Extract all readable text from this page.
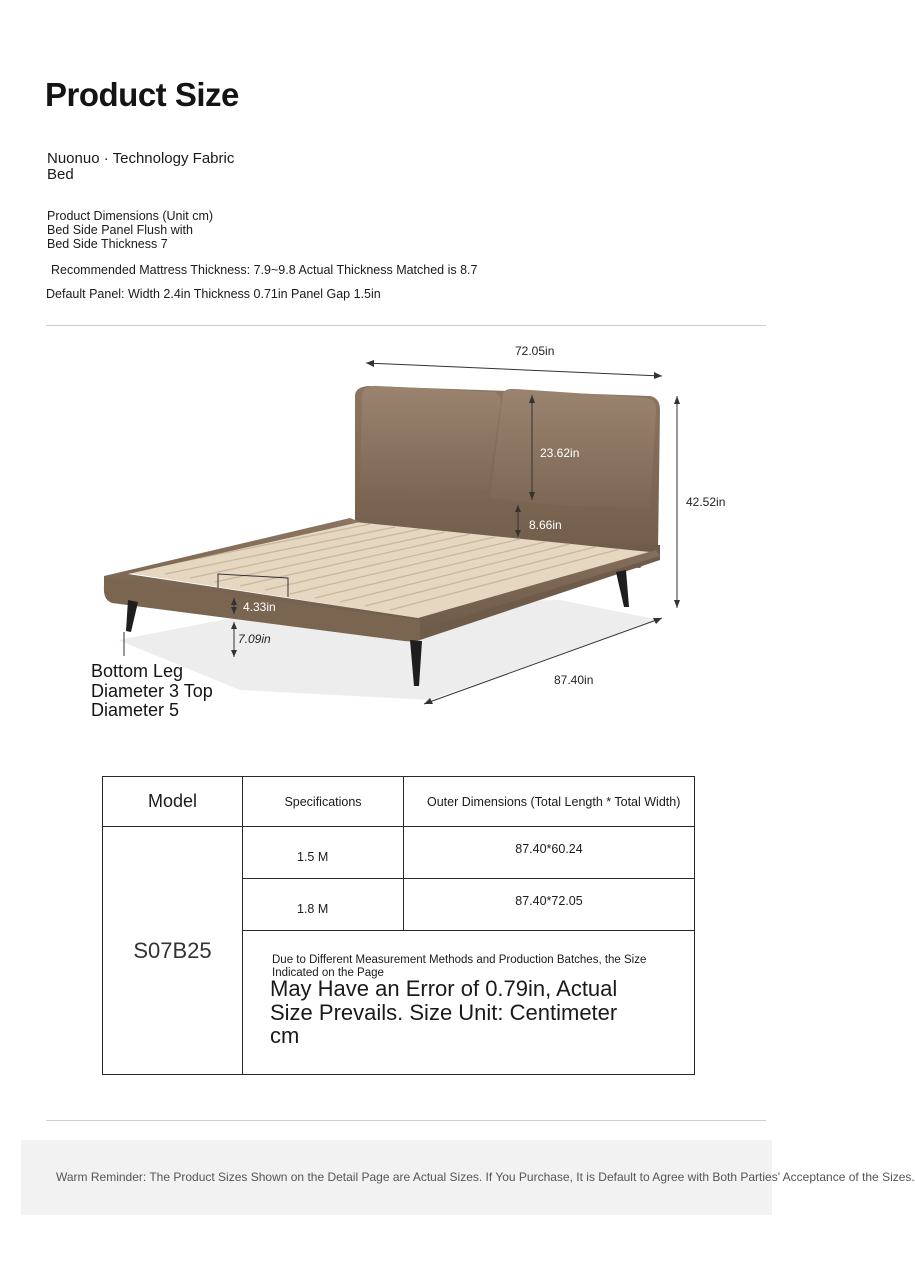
Product Size
Nuonuo · Technology Fabric Bed
Product Dimensions (Unit cm) Bed Side Panel Flush with Bed Side Thickness 7
Recommended Mattress Thickness: 7.9~9.8 Actual Thickness Matched is 8.7
Default Panel: Width 2.4in Thickness 0.71in Panel Gap 1.5in
72.05in
23.62in
42.52in
8.66in
4.33in
7.09in
87.40in
Bottom Leg Diameter 3 Top Diameter 5
Model	Specifications	Outer Dimensions (Total Length * Total Width)
S07B25	1.5 M	87.40*60.24
	1.8 M	87.40*72.05

	Due to Different Measurement Methods and Production Batches, the Size Indicated on the Page
May Have an Error of 0.79in, Actual Size Prevails. Size Unit: Centimeter cm	
Warm Reminder: The Product Sizes Shown on the Detail Page are Actual Sizes. If You Purchase, It is Default to Agree with Both Parties' Acceptance of the Sizes.
